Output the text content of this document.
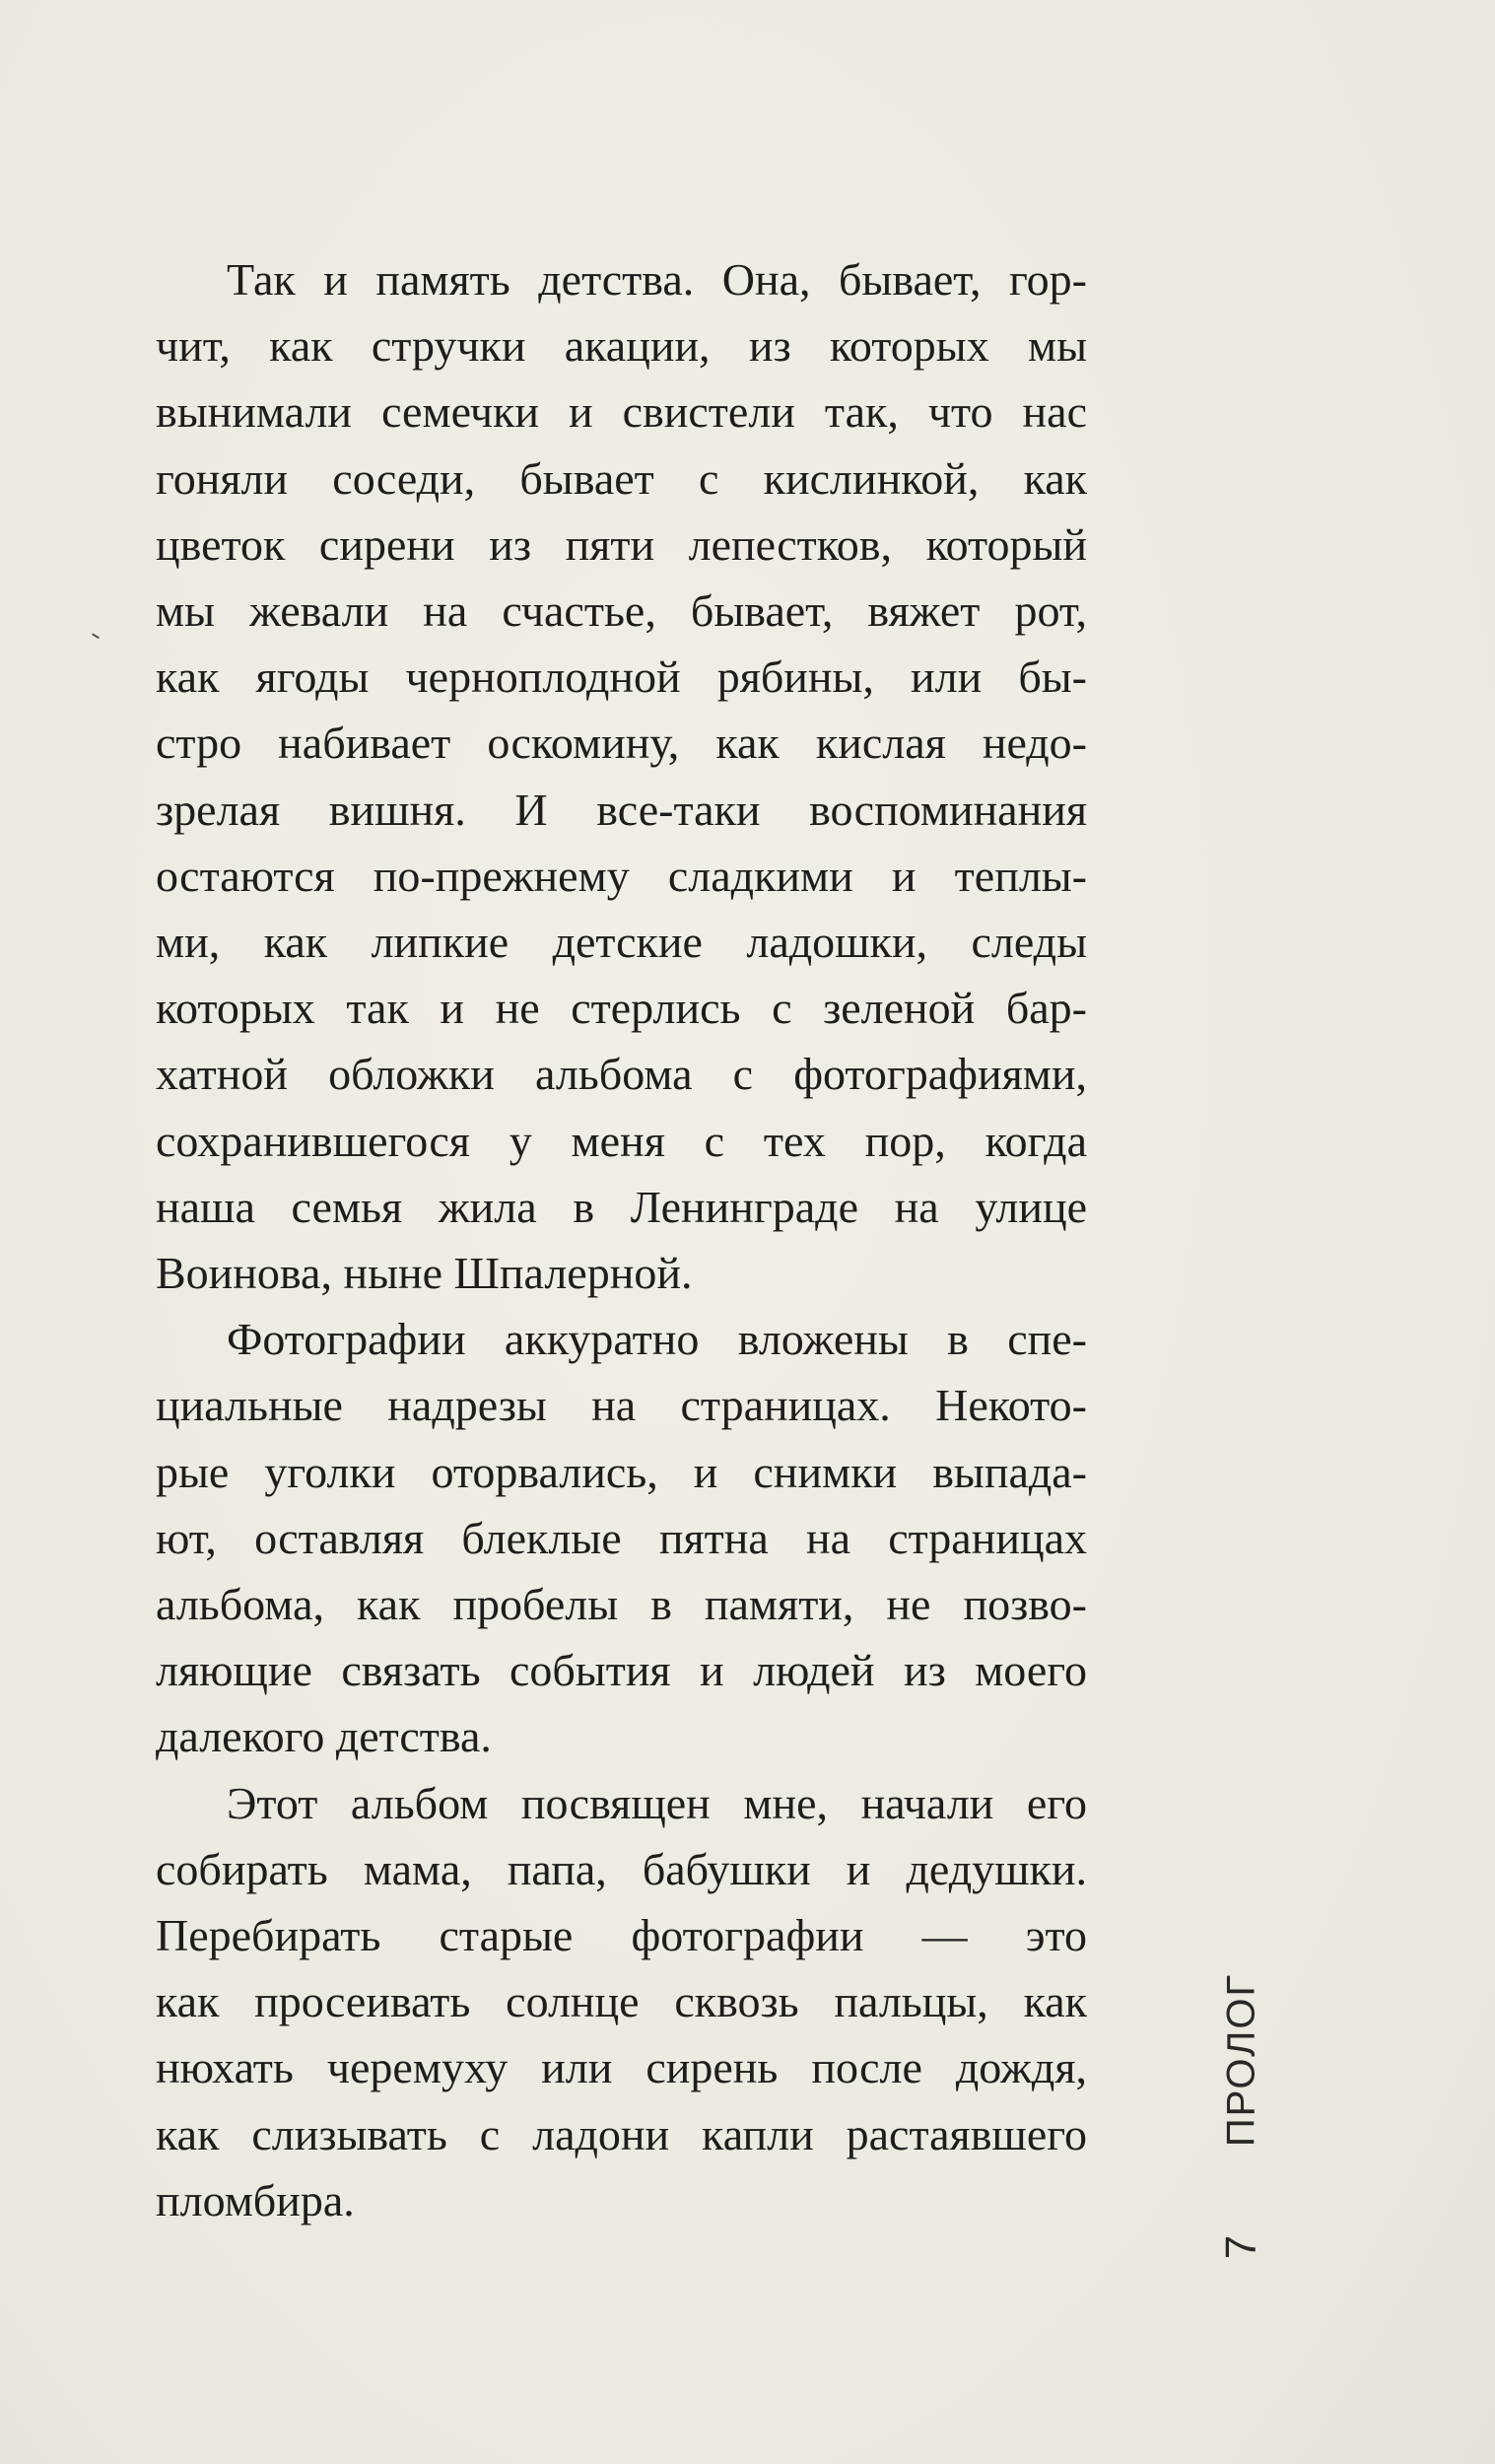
Так и память детства. Она, бывает, гор-
чит, как стручки акации, из которых мы
вынимали семечки и свистели так, что нас
гоняли соседи, бывает с кислинкой, как
цветок сирени из пяти лепестков, который
мы жевали на счастье, бывает, вяжет рот,
как ягоды черноплодной рябины, или бы-
стро набивает оскомину, как кислая недо-
зрелая вишня. И все-таки воспоминания
остаются по-прежнему сладкими и теплы-
ми, как липкие детские ладошки, следы
которых так и не стерлись с зеленой бар-
хатной обложки альбома с фотографиями,
сохранившегося у меня с тех пор, когда
наша семья жила в Ленинграде на улице
Воинова, ныне Шпалерной.

Фотографии аккуратно вложены в спе-
циальные надрезы на страницах. Некото-
рые уголки оторвались, и снимки выпада-
ют, оставляя блеклые пятна на страницах
альбома, как пробелы в памяти, не позво-
ляющие связать события и людей из моего
далекого детства.

Этот альбом посвящен мне, начали его
собирать мама, папа, бабушки и дедушки.
Перебирать старые фотографии — это
как просеивать солнце сквозь пальцы, как
нюхать черемуху или сирень после дождя,
как слизывать с ладони капли растаявшего
пломбира.

ПРОЛОГ
7
